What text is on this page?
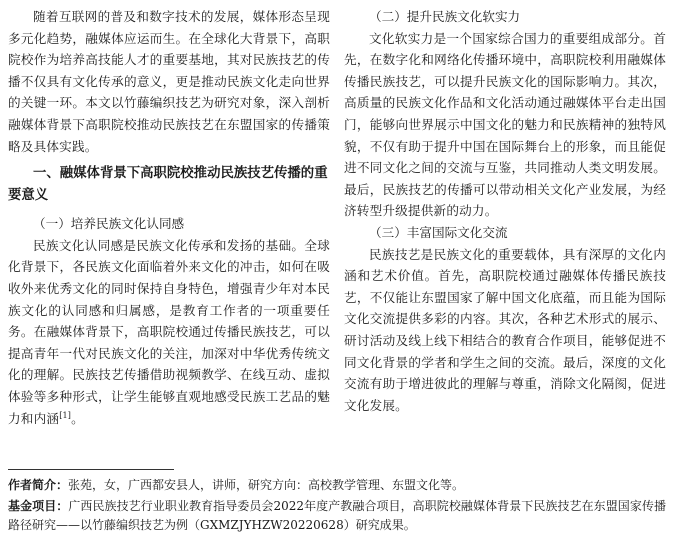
随着互联网的普及和数字技术的发展，媒体形态呈现多元化趋势，融媒体应运而生。在全球化大背景下，高职院校作为培养高技能人才的重要基地，其对民族技艺的传播不仅具有文化传承的意义，更是推动民族文化走向世界的关键一环。本文以竹藤编织技艺为研究对象，深入剖析融媒体背景下高职院校推动民族技艺在东盟国家的传播策略及具体实践。

一、融媒体背景下高职院校推动民族技艺传播的重要意义
（一）培养民族文化认同感

民族文化认同感是民族文化传承和发扬的基础。全球化背景下，各民族文化面临着外来文化的冲击，如何在吸收外来优秀文化的同时保持自身特色，增强青少年对本民族文化的认同感和归属感，是教育工作者的一项重要任务。在融媒体背景下，高职院校通过传播民族技艺，可以提高青年一代对民族文化的关注，加深对中华优秀传统文化的理解。民族技艺传播借助视频教学、在线互动、虚拟体验等多种形式，让学生能够直观地感受民族工艺品的魅力和内涵[1]。

（二）提升民族文化软实力

文化软实力是一个国家综合国力的重要组成部分。首先，在数字化和网络化传播环境中，高职院校利用融媒体传播民族技艺，可以提升民族文化的国际影响力。其次，高质量的民族文化作品和文化活动通过融媒体平台走出国门，能够向世界展示中国文化的魅力和民族精神的独特风貌，不仅有助于提升中国在国际舞台上的形象，而且能促进不同文化之间的交流与互鉴，共同推动人类文明发展。最后，民族技艺的传播可以带动相关文化产业发展，为经济转型升级提供新的动力。

（三）丰富国际文化交流

民族技艺是民族文化的重要载体，具有深厚的文化内涵和艺术价值。首先，高职院校通过融媒体传播民族技艺，不仅能让东盟国家了解中国文化底蕴，而且能为国际文化交流提供多彩的内容。其次，各种艺术形式的展示、研讨活动及线上线下相结合的教育合作项目，能够促进不同文化背景的学者和学生之间的交流。最后，深度的文化交流有助于增进彼此的理解与尊重，消除文化隔阂，促进文化发展。

作者简介：张苑，女，广西都安县人，讲师，研究方向：高校教学管理、东盟文化等。

基金项目：广西民族技艺行业职业教育指导委员会2022年度产教融合项目，高职院校融媒体背景下民族技艺在东盟国家传播路径研究——以竹藤编织技艺为例（GXMZJYHZW20220628）研究成果。
